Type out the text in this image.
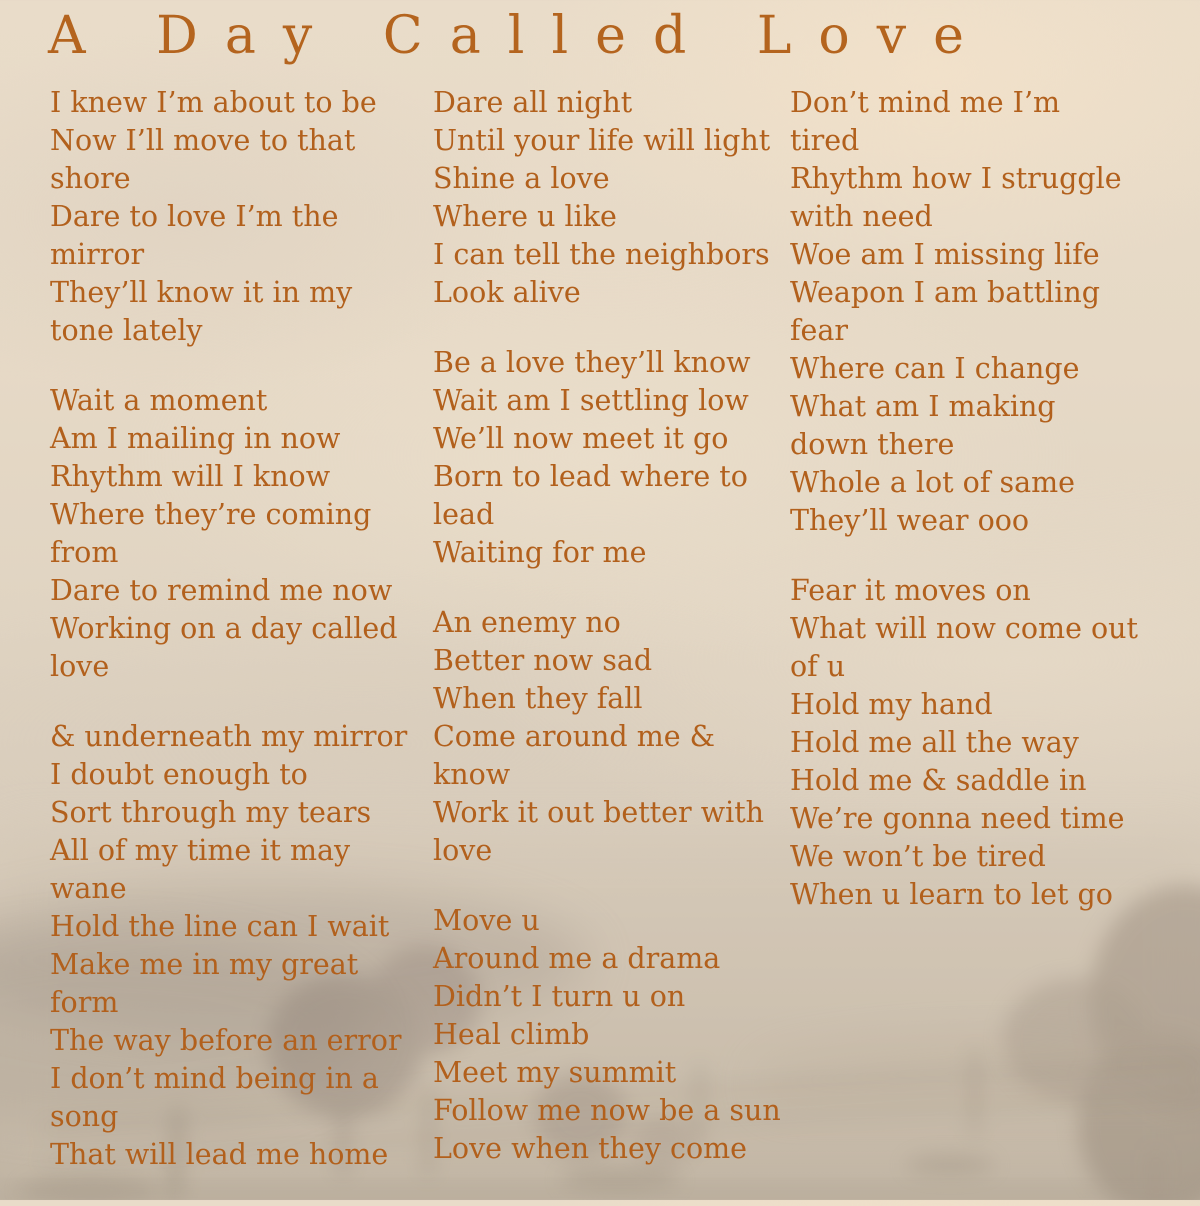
A Day Called Love
I knew I’m about to be
Now I’ll move to that
shore
Dare to love I’m the
mirror
They’ll know it in my
tone lately
Wait a moment
Am I mailing in now
Rhythm will I know
Where they’re coming
from
Dare to remind me now
Working on a day called
love
& underneath my mirror
I doubt enough to
Sort through my tears
All of my time it may
wane
Hold the line can I wait
Make me in my great
form
The way before an error
I don’t mind being in a
song
That will lead me home
Dare all night
Until your life will light
Shine a love
Where u like
I can tell the neighbors
Look alive
Be a love they’ll know
Wait am I settling low
We’ll now meet it go
Born to lead where to
lead
Waiting for me
An enemy no
Better now sad
When they fall
Come around me &
know
Work it out better with
love
Move u
Around me a drama
Didn’t I turn u on
Heal climb
Meet my summit
Follow me now be a sun
Love when they come
Don’t mind me I’m
tired
Rhythm how I struggle
with need
Woe am I missing life
Weapon I am battling
fear
Where can I change
What am I making
down there
Whole a lot of same
They’ll wear ooo
Fear it moves on
What will now come out
of u
Hold my hand
Hold me all the way
Hold me & saddle in
We’re gonna need time
We won’t be tired
When u learn to let go
